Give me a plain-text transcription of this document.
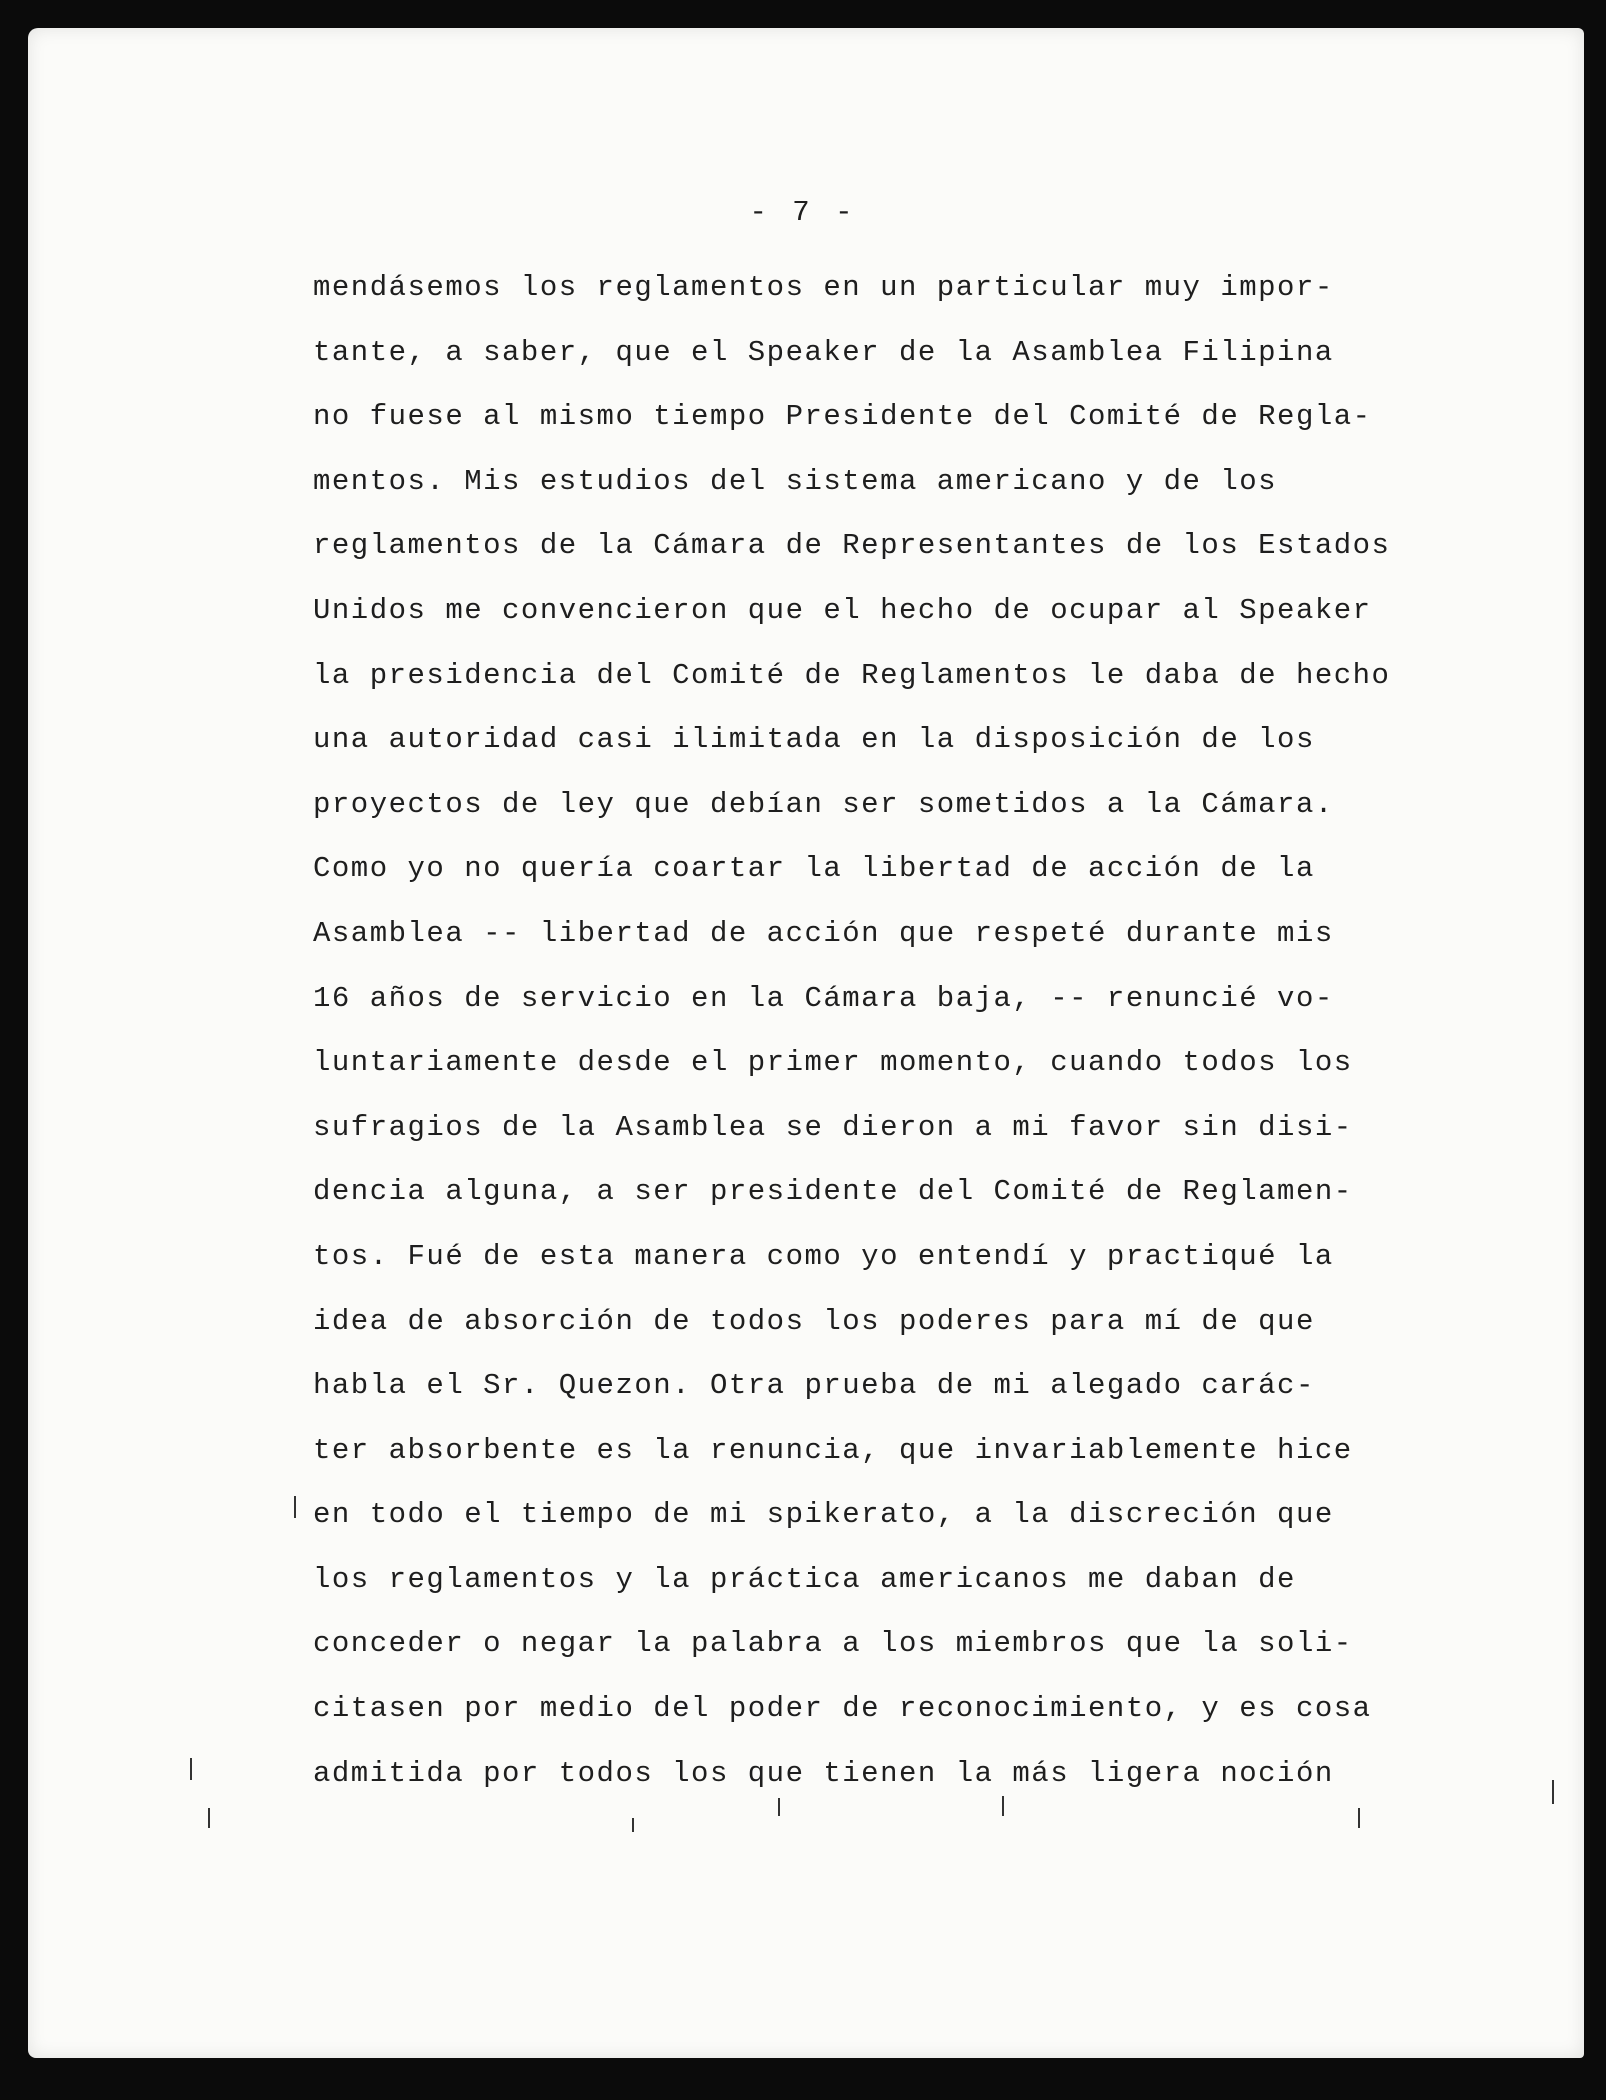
- 7 -
mendásemos los reglamentos en un particular muy impor-
tante, a saber, que el Speaker de la Asamblea Filipina
no fuese al mismo tiempo Presidente del Comité de Regla-
mentos. Mis estudios del sistema americano y de los
reglamentos de la Cámara de Representantes de los Estados
Unidos me convencieron que el hecho de ocupar al Speaker
la presidencia del Comité de Reglamentos le daba de hecho
una autoridad casi ilimitada en la disposición de los
proyectos de ley que debían ser sometidos a la Cámara.
Como yo no quería coartar la libertad de acción de la
Asamblea -- libertad de acción que respeté durante mis
16 años de servicio en la Cámara baja, -- renuncié vo-
luntariamente desde el primer momento, cuando todos los
sufragios de la Asamblea se dieron a mi favor sin disi-
dencia alguna, a ser presidente del Comité de Reglamen-
tos. Fué de esta manera como yo entendí y practiqué la
idea de absorción de todos los poderes para mí de que
habla el Sr. Quezon. Otra prueba de mi alegado carác-
ter absorbente es la renuncia, que invariablemente hice
en todo el tiempo de mi spikerato, a la discreción que
los reglamentos y la práctica americanos me daban de
conceder o negar la palabra a los miembros que la soli-
citasen por medio del poder de reconocimiento, y es cosa
admitida por todos los que tienen la más ligera noción
